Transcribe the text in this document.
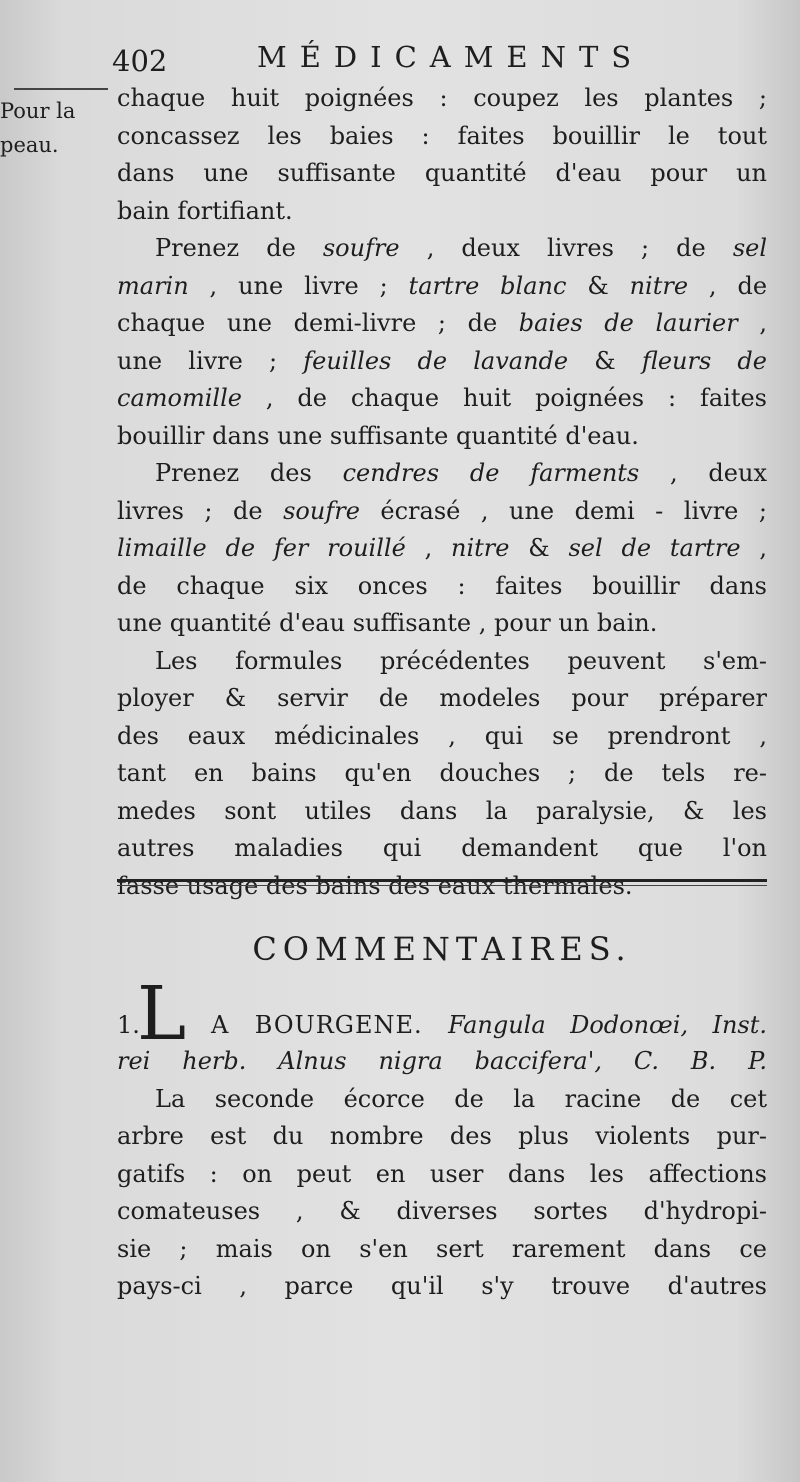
402	MÉDICAMENTS
Pour la
peau.
chaque huit poignées : coupez les plantes ;
concassez les baies : faites bouillir le tout
dans une suffisante quantité d'eau pour un
bain fortifiant.
Prenez de soufre , deux livres ; de sel
marin , une livre ; tartre blanc & nitre , de
chaque une demi-livre ; de baies de laurier ,
une livre ; feuilles de lavande & fleurs de
camomille , de chaque huit poignées : faites
bouillir dans une suffisante quantité d'eau.
Prenez des cendres de farments , deux
livres ; de soufre écrasé , une demi - livre ;
limaille de fer rouillé , nitre & sel de tartre ,
de chaque six onces : faites bouillir dans
une quantité d'eau suffisante , pour un bain.
Les formules précédentes peuvent s'em-
ployer & servir de modeles pour préparer
des eaux médicinales , qui se prendront ,
tant en bains qu'en douches ; de tels re-
medes sont utiles dans la paralysie, & les
autres maladies qui demandent que l'on
fasse usage des bains des eaux thermales.
COMMENTAIRES.
1.
L A BOURGENE. Fangula Dodonœi, Inst.
rei herb. Alnus nigra baccifera', C. B. P.
La seconde écorce de la racine de cet
arbre est du nombre des plus violents pur-
gatifs : on peut en user dans les affections
comateuses , & diverses sortes d'hydropi-
sie ; mais on s'en sert rarement dans ce
pays-ci , parce qu'il s'y trouve d'autres
